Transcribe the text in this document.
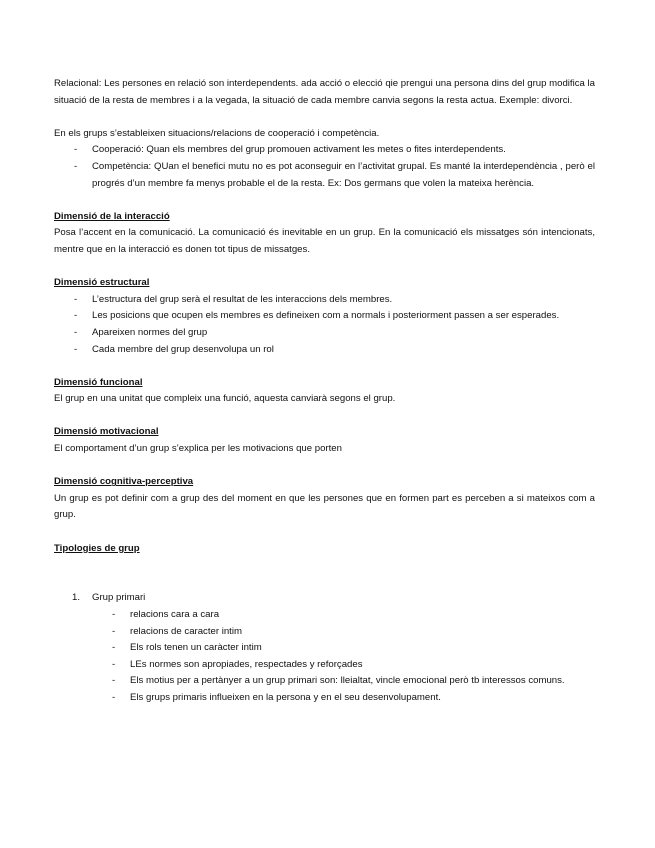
Relacional: Les persones en relació son interdependents. ada acció o elecció qie prengui una persona dins del grup modifica la situació de la resta de membres i a la vegada, la situació de cada membre canvia segons la resta actua. Exemple: divorci.

En els grups s’estableixen situacions/relacions de cooperació i competència.

- Cooperació: Quan els membres del grup promouen activament les metes o fites interdependents.
- Competència: QUan el benefici mutu no es pot aconseguir en l’activitat grupal. Es manté la interdependència , però el progrés d’un membre fa menys probable el de la resta. Ex: Dos germans que volen la mateixa herència.

Dimensió de la interacció

Posa l’accent en la comunicació. La comunicació és inevitable en un grup. En la comunicació els missatges són intencionats, mentre que en la interacció es donen tot tipus de missatges.

Dimensió estructural

- L’estructura del grup serà el resultat de les interaccions dels membres.
- Les posicions que ocupen els membres es defineixen com a normals i posteriorment passen a ser esperades.
- Apareixen normes del grup
- Cada membre del grup desenvolupa un rol

Dimensió funcional

El grup en una unitat que compleix una funció, aquesta canviarà segons el grup.

Dimensió motivacional

El comportament d’un grup s’explica per les motivacions que porten

Dimensió cognitiva-perceptiva

Un grup es pot definir com a grup des del moment en que les persones que en formen part es perceben a si mateixos com a grup.

Tipologies de grup

1. Grup primari
- relacions cara a cara
- relacions de caracter intim
- Els rols tenen un caràcter intim
- LEs normes son apropiades, respectades y reforçades
- Els motius per a pertànyer a un grup primari son: lleialtat, vincle emocional però tb interessos comuns.
- Els grups primaris influeixen en la persona y en el seu desenvolupament.
